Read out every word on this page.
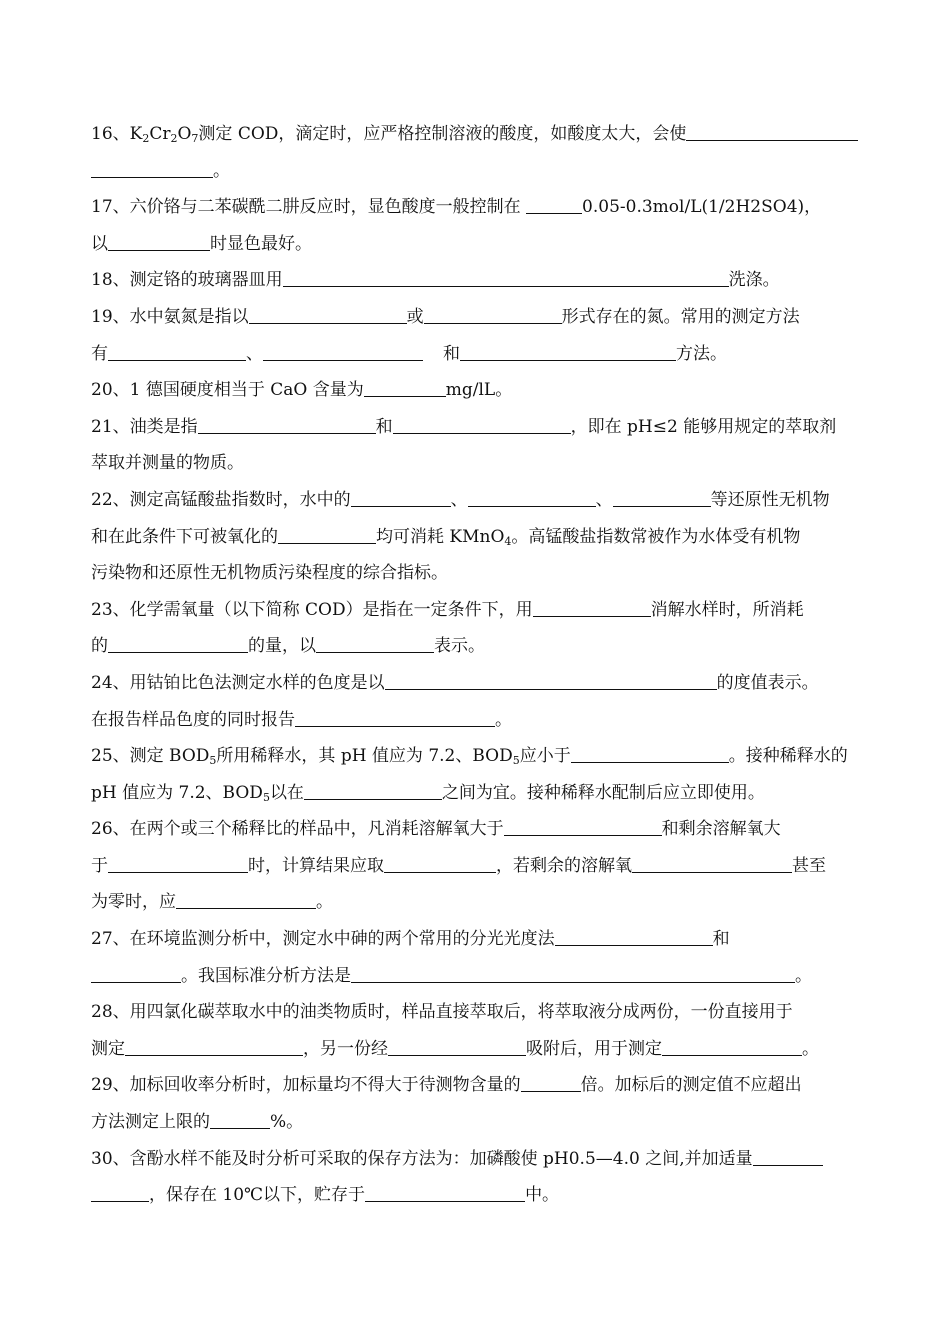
16、$K_2Cr_2O_7$测定 COD，滴定时，应严格控制溶液的酸度，如酸度太大，会使
。
17、六价铬与二苯碳酰二肼反应时，显色酸度一般控制在	0.05-0.3mol/L(1/2H2SO4)，
以	时显色最好。
18、测定铬的玻璃器皿用	洗涤。
19、水中氨氮是指以	或	形式存在的氮。常用的测定方法
有	、	和	方法。
20、1 德国硬度相当于 CaO 含量为	mg/lL。
21、油类是指	和	，即在 pH≤2 能够用规定的萃取剂
萃取并测量的物质。
22、测定高锰酸盐指数时，水中的	、	、	等还原性无机物
和在此条件下可被氧化的	均可消耗 KMnO$_4$。高锰酸盐指数常被作为水体受有机物
污染物和还原性无机物质污染程度的综合指标。
23、化学需氧量（以下简称 COD）是指在一定条件下，用	消解水样时，所消耗
的	的量，以	表示。
24、用钴铂比色法测定水样的色度是以	的度值表示。
在报告样品色度的同时报告	。
25、测定 $BOD_5$所用稀释水，其 pH 值应为 7.2、$BOD_5$应小于	。接种稀释水的
pH 值应为 7.2、$BOD_5$以在	之间为宜。接种稀释水配制后应立即使用。
26、在两个或三个稀释比的样品中，凡消耗溶解氧大于	和剩余溶解氧大
于	时，计算结果应取	，若剩余的溶解氧	甚至
为零时，应	。
27、在环境监测分析中，测定水中砷的两个常用的分光光度法	和
。我国标准分析方法是	。
28、用四氯化碳萃取水中的油类物质时，样品直接萃取后，将萃取液分成两份，一份直接用于
测定	，另一份经	吸附后，用于测定	。
29、加标回收率分析时，加标量均不得大于待测物含量的	倍。加标后的测定值不应超出
方法测定上限的	%。
30、含酚水样不能及时分析可采取的保存方法为：加磷酸使 pH0.5—4.0 之间,并加适量
，保存在 10℃以下，贮存于	中。
